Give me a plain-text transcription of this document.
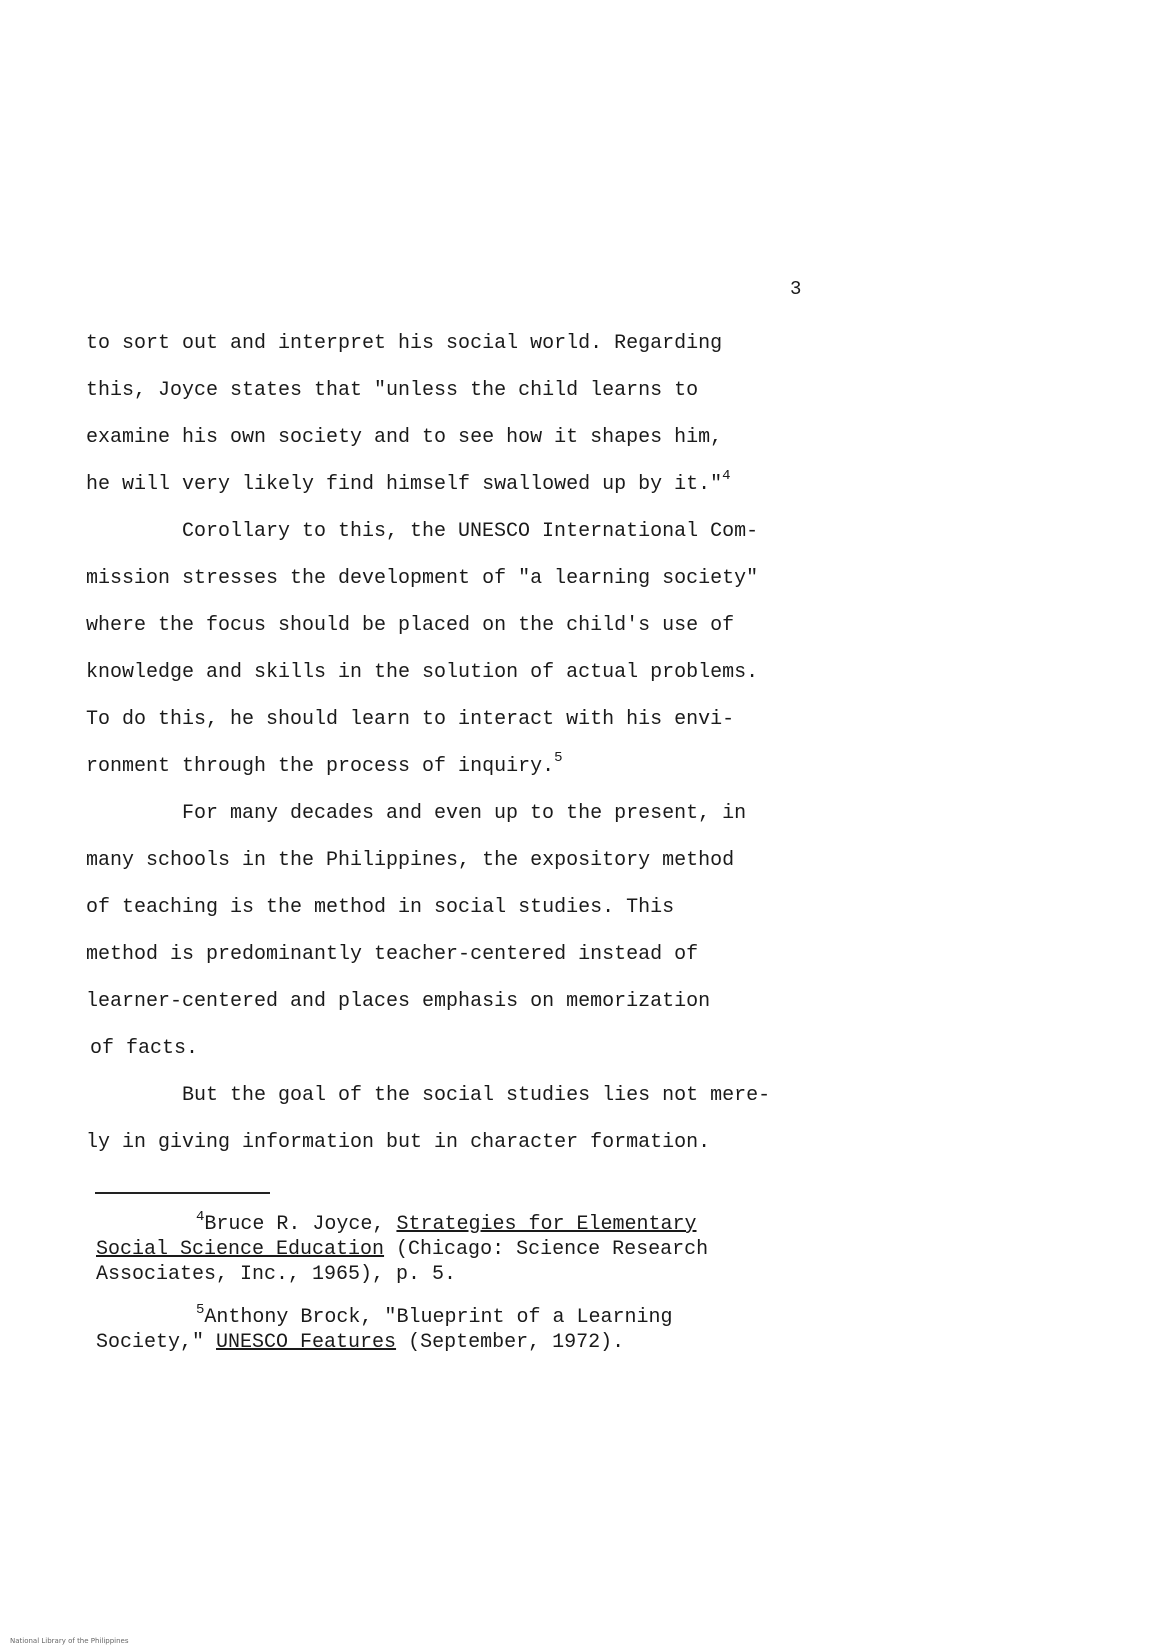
3
to sort out and interpret his social world. Regarding
this, Joyce states that "unless the child learns to
examine his own society and to see how it shapes him,
he will very likely find himself swallowed up by it."$^4$
Corollary to this, the UNESCO International Com-
mission stresses the development of "a learning society"
where the focus should be placed on the child's use of
knowledge and skills in the solution of actual problems.
To do this, he should learn to interact with his envi-
ronment through the process of inquiry.$^5$
For many decades and even up to the present, in
many schools in the Philippines, the expository method
of teaching is the method in social studies. This
method is predominantly teacher-centered instead of
learner-centered and places emphasis on memorization
of facts.
But the goal of the social studies lies not mere-
ly in giving information but in character formation.
$^4$Bruce R. Joyce, Strategies for Elementary
Social Science Education (Chicago: Science Research
Associates, Inc., 1965), p. 5.
$^5$Anthony Brock, "Blueprint of a Learning
Society," UNESCO Features (September, 1972).
National Library of the Philippines
